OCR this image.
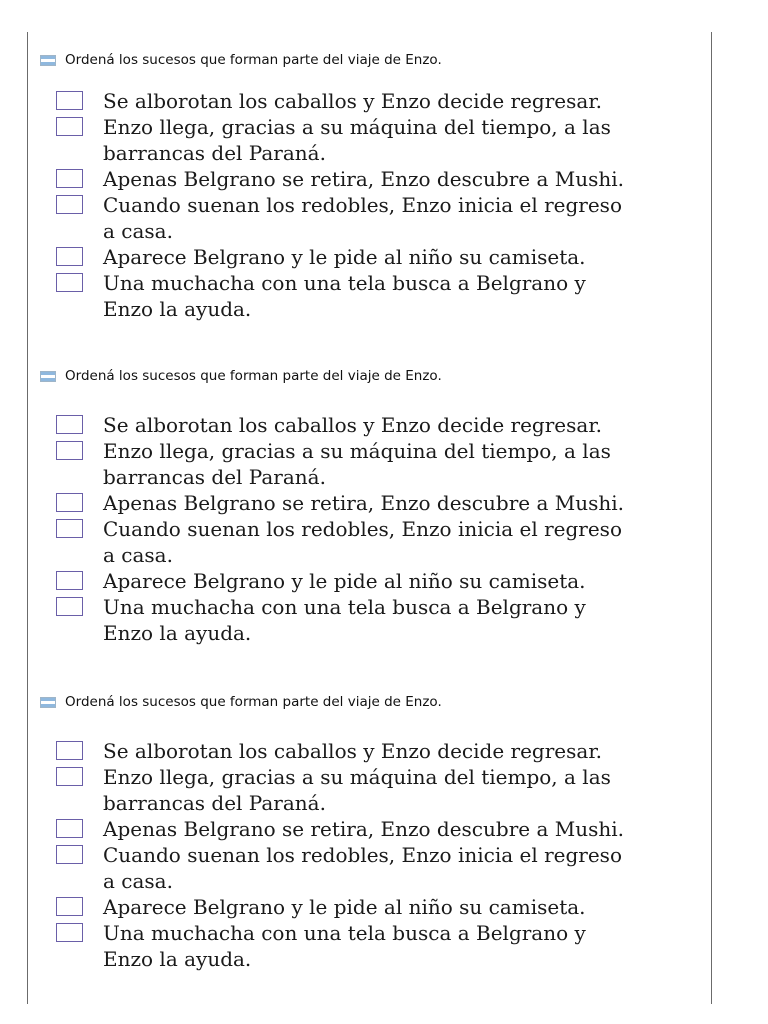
Ordená los sucesos que forman parte del viaje de Enzo.
Se alborotan los caballos y Enzo decide regresar.
Enzo llega, gracias a su máquina del tiempo, a las
barrancas del Paraná.
Apenas Belgrano se retira, Enzo descubre a Mushi.
Cuando suenan los redobles, Enzo inicia el regreso
a casa.
Aparece Belgrano y le pide al niño su camiseta.
Una muchacha con una tela busca a Belgrano y
Enzo la ayuda.
Ordená los sucesos que forman parte del viaje de Enzo.
Se alborotan los caballos y Enzo decide regresar.
Enzo llega, gracias a su máquina del tiempo, a las
barrancas del Paraná.
Apenas Belgrano se retira, Enzo descubre a Mushi.
Cuando suenan los redobles, Enzo inicia el regreso
a casa.
Aparece Belgrano y le pide al niño su camiseta.
Una muchacha con una tela busca a Belgrano y
Enzo la ayuda.
Ordená los sucesos que forman parte del viaje de Enzo.
Se alborotan los caballos y Enzo decide regresar.
Enzo llega, gracias a su máquina del tiempo, a las
barrancas del Paraná.
Apenas Belgrano se retira, Enzo descubre a Mushi.
Cuando suenan los redobles, Enzo inicia el regreso
a casa.
Aparece Belgrano y le pide al niño su camiseta.
Una muchacha con una tela busca a Belgrano y
Enzo la ayuda.
